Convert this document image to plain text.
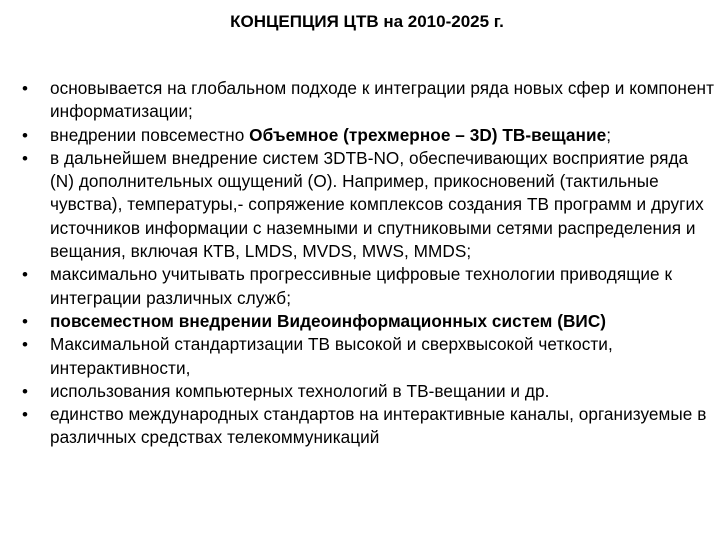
КОНЦЕПЦИЯ ЦТВ на 2010-2025 г.
•	основывается на глобальном подходе к интеграции ряда новых сфер и компонент информатизации;
•	внедрении повсеместно Объемное (трехмерное – 3D) ТВ-вещание;
•	в дальнейшем внедрение систем 3DTB-NO, обеспечивающих восприятие ряда (N) дополнительных ощущений (О). Например, прикосновений (тактильные чувства), температуры,- сопряжение комплексов создания ТВ программ и других источников информации с наземными и спутниковыми сетями распределения и вещания, включая КТВ, LMDS, MVDS, MWS, MMDS;
•	максимально учитывать прогрессивные цифровые технологии приводящие к интеграции различных служб;
•	повсеместном внедрении Видеоинформационных систем (ВИС)
•	Максимальной стандартизации ТВ высокой и сверхвысокой четкости, интерактивности,
•	использования компьютерных технологий в ТВ-вещании и др.
•	единство международных стандартов на интерактивные каналы, организуемые в различных средствах телекоммуникаций
